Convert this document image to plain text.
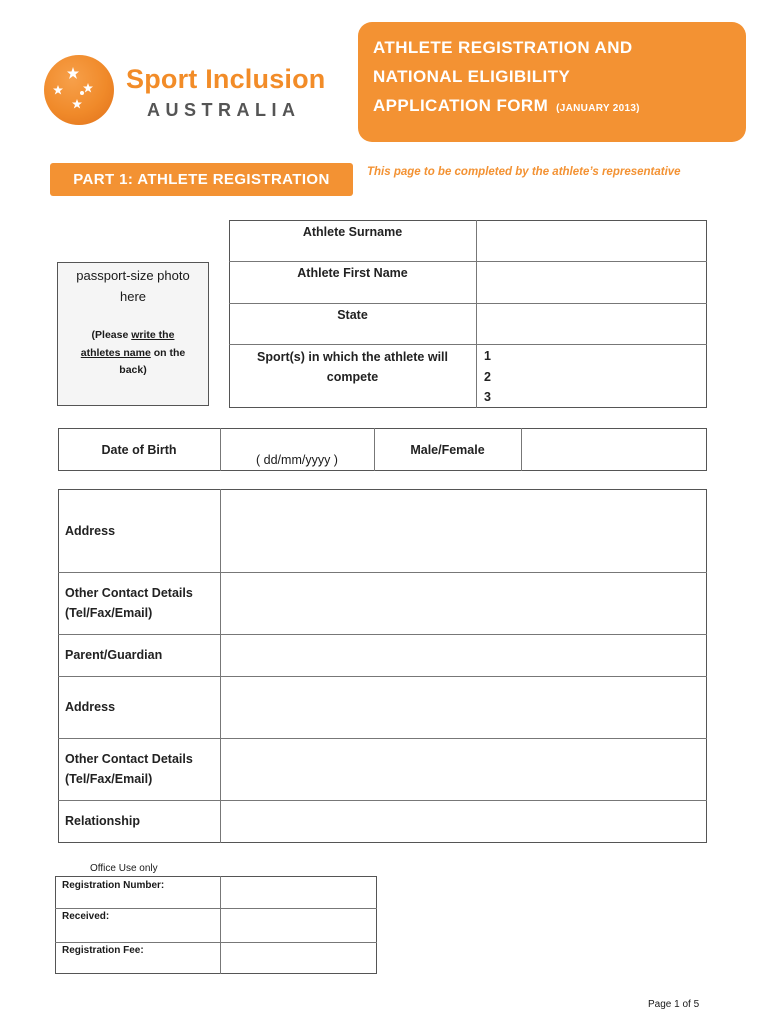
Sport Inclusion
AUSTRALIA
ATHLETE REGISTRATION AND
NATIONAL ELIGIBILITY
APPLICATION FORM (JANUARY 2013)
PART 1: ATHLETE REGISTRATION	This page to be completed by the athlete’s representative
passport-size photo
here
(Please write the
athletes name on the
back)
Athlete Surname
Athlete First Name
State
Sport(s) in which the athlete will
compete
1
2
3
Date of Birth
( dd/mm/yyyy )
Male/Female
Address
Other Contact Details
(Tel/Fax/Email)
Parent/Guardian
Address
Other Contact Details
(Tel/Fax/Email)
Relationship
Office Use only
Registration Number:
Received:
Registration Fee:
Page 1 of 5
